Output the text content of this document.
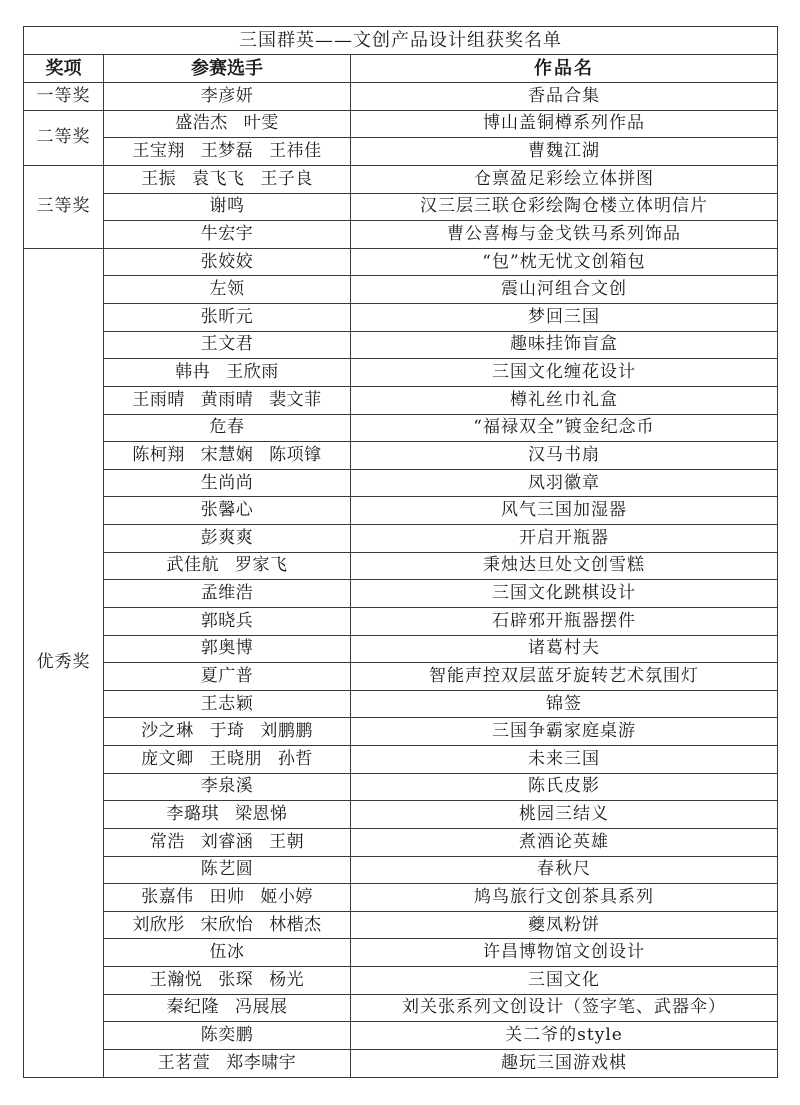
三国群英——文创产品设计组获奖名单		
奖项	参赛选手	作品名
一等奖	李彦妍	香品合集
二等奖	盛浩杰 叶雯	博山盖铜樽系列作品
	王宝翔 王梦磊 王祎佳	曹魏江湖
三等奖	王振 袁飞飞 王子良	仓禀盈足彩绘立体拼图
	谢鸣	汉三层三联仓彩绘陶仓楼立体明信片
	牛宏宇	曹公喜梅与金戈铁马系列饰品
优秀奖	张姣姣	“包”枕无忧文创箱包
	左领	震山河组合文创
	张昕元	梦回三国
	王文君	趣味挂饰盲盒
	韩冉 王欣雨	三国文化缠花设计
	王雨晴 黄雨晴 裴文菲	樽礼丝巾礼盒
	危春	“福禄双全”镀金纪念币
	陈柯翔 宋慧娴 陈项镎	汉马书扇
	生尚尚	凤羽徽章
	张馨心	风气三国加湿器
	彭爽爽	开启开瓶器
	武佳航 罗家飞	秉烛达旦处文创雪糕
	孟维浩	三国文化跳棋设计
	郭晓兵	石辟邪开瓶器摆件
	郭奥博	诸葛村夫
	夏广普	智能声控双层蓝牙旋转艺术氛围灯
	王志颖	锦签
	沙之琳 于琦 刘鹏鹏	三国争霸家庭桌游
	庞文卿 王晓朋 孙哲	未来三国
	李泉溪	陈氏皮影
	李璐琪 梁恩悌	桃园三结义
	常浩 刘睿涵 王朝	煮酒论英雄
	陈艺圆	春秋尺
	张嘉伟 田帅 姬小婷	鸠鸟旅行文创茶具系列
	刘欣彤 宋欣怡 林楷杰	夔凤粉饼
	伍冰	许昌博物馆文创设计
	王瀚悦 张琛 杨光	三国文化
	秦纪隆 冯展展	刘关张系列文创设计（签字笔、武器伞）
	陈奕鹏	关二爷的style
	王茗萱 郑李啸宇	趣玩三国游戏棋
